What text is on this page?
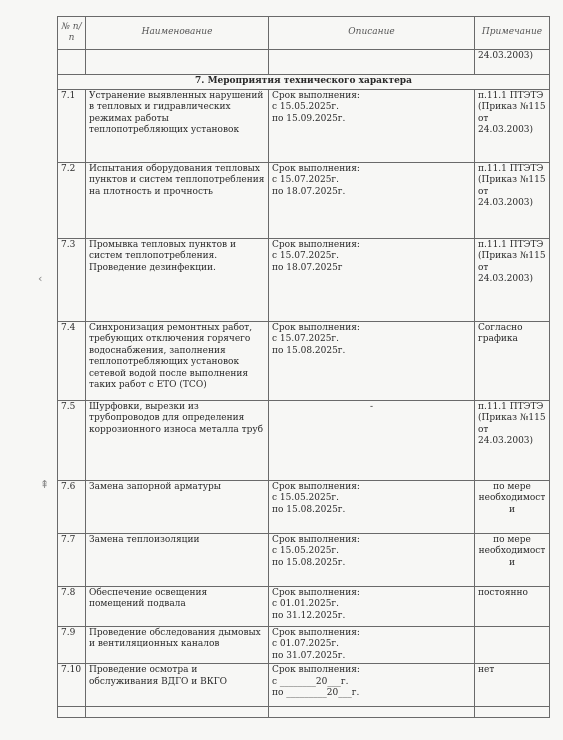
‹
⇞
№ п/п	Наименование	Описание	Примечание
			24.03.2003)
7. Мероприятия технического характера			
7.1	Устранение выявленных нарушений в тепловых и гидравлических режимах работы теплопотребляющих установок	Срок выполнения:
с 15.05.2025г.
по 15.09.2025г.	п.11.1 ПТЭТЭ (Приказ №115 от 24.03.2003)
7.2	Испытания оборудования тепловых пунктов и систем теплопотребления на плотность и прочность	Срок выполнения:
с 15.07.2025г.
по 18.07.2025г.	п.11.1 ПТЭТЭ (Приказ №115 от 24.03.2003)
7.3	Промывка тепловых пунктов и систем теплопотребления. Проведение дезинфекции.	Срок выполнения:
с 15.07.2025г.
по 18.07.2025г	п.11.1 ПТЭТЭ (Приказ №115 от 24.03.2003)
7.4	Синхронизация ремонтных работ, требующих отключения горячего водоснабжения, заполнения теплопотребляющих установок сетевой водой после выполнения таких работ с ЕТО (ТСО)	Срок выполнения:
с 15.07.2025г.
по 15.08.2025г.	Согласно графика
7.5	Шурфовки, вырезки из трубопроводов для определения коррозионного износа металла труб	-	п.11.1 ПТЭТЭ (Приказ №115 от 24.03.2003)
7.6	Замена запорной арматуры	Срок выполнения:
с 15.05.2025г.
по 15.08.2025г.	по мере необходимости
7.7	Замена теплоизоляции	Срок выполнения:
с 15.05.2025г.
по 15.08.2025г.	по мере необходимости
7.8	Обеспечение освещения помещений подвала	Срок выполнения:
с 01.01.2025г.
по 31.12.2025г.	постоянно
7.9	Проведение обследования дымовых и вентиляционных каналов	Срок выполнения:
с 01.07.2025г.
по 31.07.2025г.	

7.10	Проведение осмотра и обслуживания ВДГО и ВКГО	Срок выполнения:
с ________20___г.
по _________20___г.	нет
